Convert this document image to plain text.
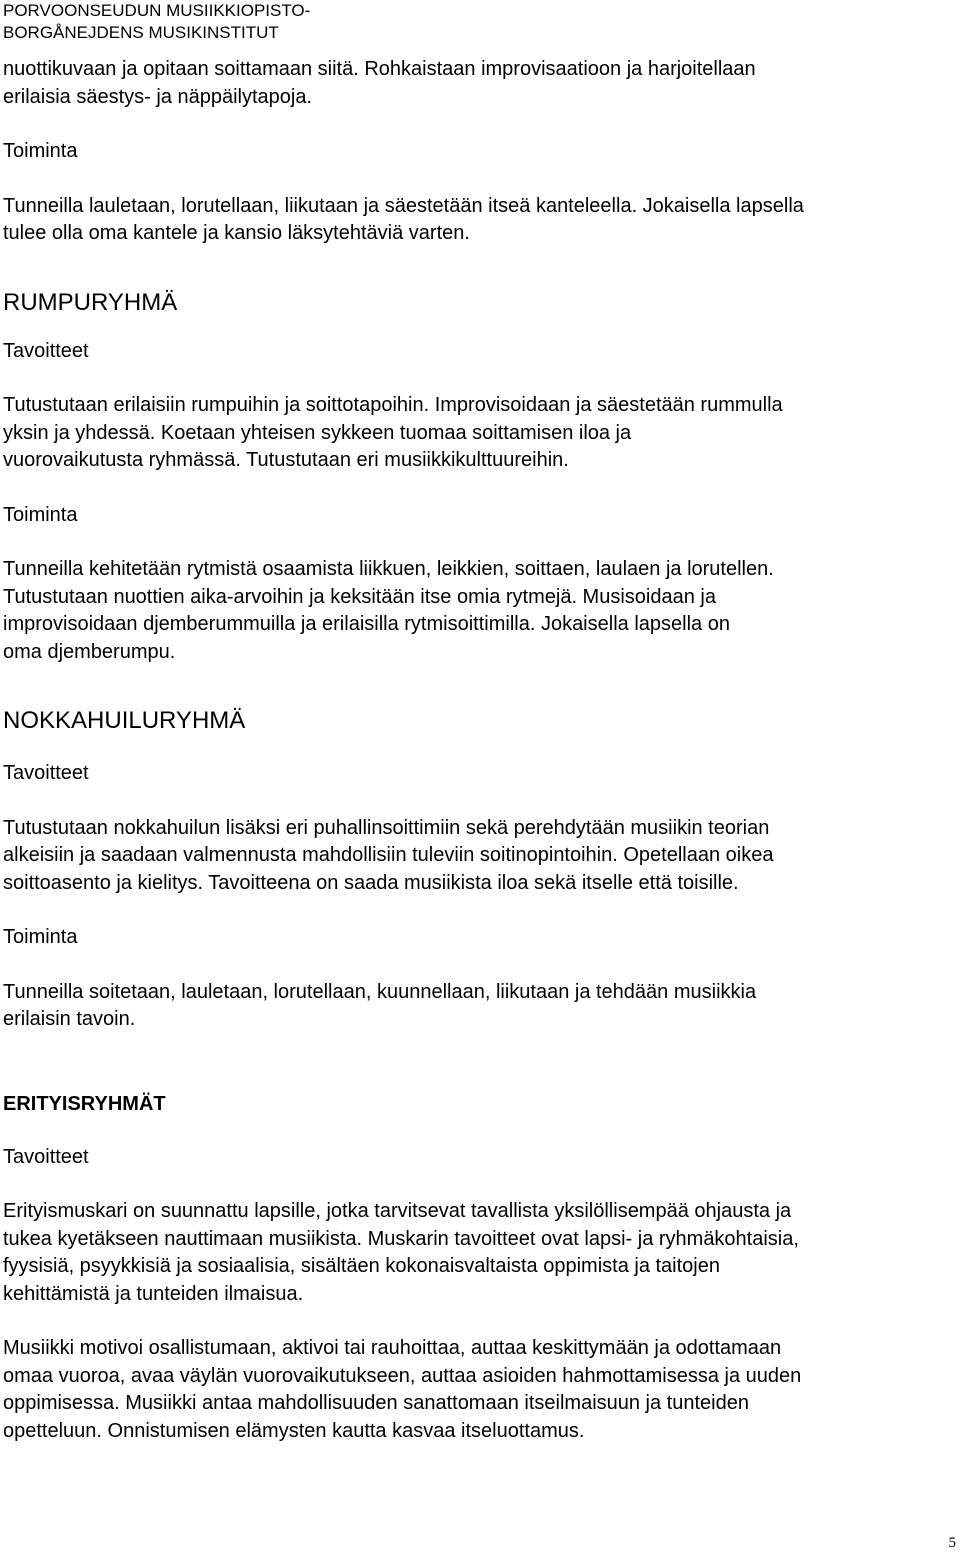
PORVOONSEUDUN MUSIIKKIOPISTO-
BORGÅNEJDENS MUSIKINSTITUT

nuottikuvaan ja opitaan soittamaan siitä. Rohkaistaan improvisaatioon ja harjoitellaan

erilaisia säestys- ja näppäilytapoja.

Toiminta

Tunneilla lauletaan, lorutellaan, liikutaan ja säestetään itseä kanteleella. Jokaisella lapsella

tulee olla oma kantele ja kansio läksytehtäviä varten.

RUMPURYHMÄ

Tavoitteet

Tutustutaan erilaisiin rumpuihin ja soittotapoihin. Improvisoidaan ja säestetään rummulla

yksin ja yhdessä. Koetaan yhteisen sykkeen tuomaa soittamisen iloa ja

vuorovaikutusta ryhmässä. Tutustutaan eri musiikkikulttuureihin.

Toiminta

Tunneilla kehitetään rytmistä osaamista liikkuen, leikkien, soittaen, laulaen ja lorutellen.

Tutustutaan nuottien aika-arvoihin ja keksitään itse omia rytmejä. Musisoidaan ja

improvisoidaan djemberummuilla ja erilaisilla rytmisoittimilla. Jokaisella lapsella on

oma djemberumpu.

NOKKAHUILURYHMÄ

Tavoitteet

Tutustutaan nokkahuilun lisäksi eri puhallinsoittimiin sekä perehdytään musiikin teorian

alkeisiin ja saadaan valmennusta mahdollisiin tuleviin soitinopintoihin. Opetellaan oikea

soittoasento ja kielitys. Tavoitteena on saada musiikista iloa sekä itselle että toisille.

Toiminta

Tunneilla soitetaan, lauletaan, lorutellaan, kuunnellaan, liikutaan ja tehdään musiikkia

erilaisin tavoin.

ERITYISRYHMÄT

Tavoitteet

Erityismuskari on suunnattu lapsille, jotka tarvitsevat tavallista yksilöllisempää ohjausta ja

tukea kyetäkseen nauttimaan musiikista. Muskarin tavoitteet ovat lapsi- ja ryhmäkohtaisia,

fyysisiä, psyykkisiä ja sosiaalisia, sisältäen kokonaisvaltaista oppimista ja taitojen

kehittämistä ja tunteiden ilmaisua.

Musiikki motivoi osallistumaan, aktivoi tai rauhoittaa, auttaa keskittymään ja odottamaan

omaa vuoroa, avaa väylän vuorovaikutukseen, auttaa asioiden hahmottamisessa ja uuden

oppimisessa. Musiikki antaa mahdollisuuden sanattomaan itseilmaisuun ja tunteiden

opetteluun. Onnistumisen elämysten kautta kasvaa itseluottamus.

5
